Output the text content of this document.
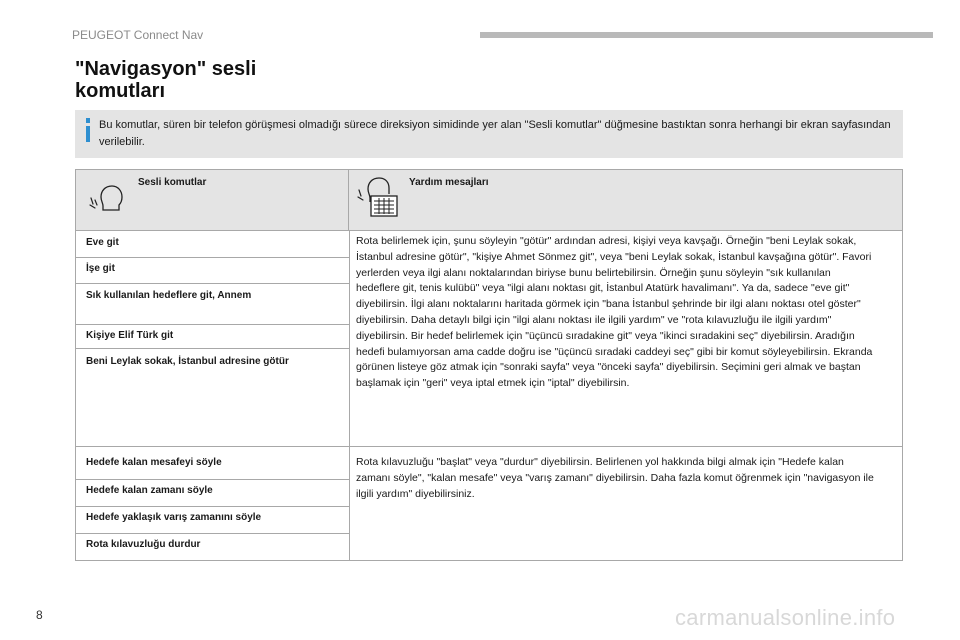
PEUGEOT Connect Nav
"Navigasyon" sesli
komutları
Bu komutlar, süren bir telefon görüşmesi olmadığı sürece direksiyon simidinde yer alan "Sesli komutlar" düğmesine bastıktan sonra herhangi bir ekran sayfasından verilebilir.
Sesli komutlar	Yardım mesajları
Eve git
İşe git
Sık kullanılan hedeflere git, Annem
Kişiye Elif Türk git
Beni Leylak sokak, İstanbul adresine götür
Rota belirlemek için, şunu söyleyin "götür" ardından adresi, kişiyi veya kavşağı. Örneğin "beni Leylak sokak, İstanbul adresine götür", "kişiye Ahmet Sönmez git", veya "beni Leylak sokak, İstanbul kavşağına götür". Favori yerlerden veya ilgi alanı noktalarından biriyse bunu belirtebilirsin. Örneğin şunu söyleyin "sık kullanılan hedeflere git, tenis kulübü" veya "ilgi alanı noktası git, İstanbul Atatürk havalimanı". Ya da, sadece "eve git" diyebilirsin. İlgi alanı noktalarını haritada görmek için "bana İstanbul şehrinde bir ilgi alanı noktası otel göster" diyebilirsin. Daha detaylı bilgi için "ilgi alanı noktası ile ilgili yardım" ve "rota kılavuzluğu ile ilgili yardım" diyebilirsin. Bir hedef belirlemek için "üçüncü sıradakine git" veya "ikinci sıradakini seç" diyebilirsin. Aradığın hedefi bulamıyorsan ama cadde doğru ise "üçüncü sıradaki caddeyi seç" gibi bir komut söyleyebilirsin. Ekranda görünen listeye göz atmak için "sonraki sayfa" veya "önceki sayfa" diyebilirsin. Seçimini geri almak ve baştan başlamak için "geri" veya iptal etmek için "iptal" diyebilirsin.
Hedefe kalan mesafeyi söyle
Hedefe kalan zamanı söyle
Hedefe yaklaşık varış zamanını söyle
Rota kılavuzluğu durdur
Rota kılavuzluğu "başlat" veya "durdur" diyebilirsin. Belirlenen yol hakkında bilgi almak için "Hedefe kalan zamanı söyle", "kalan mesafe" veya "varış zamanı" diyebilirsin. Daha fazla komut öğrenmek için "navigasyon ile ilgili yardım" diyebilirsiniz.
8	carmanualsonline.info
